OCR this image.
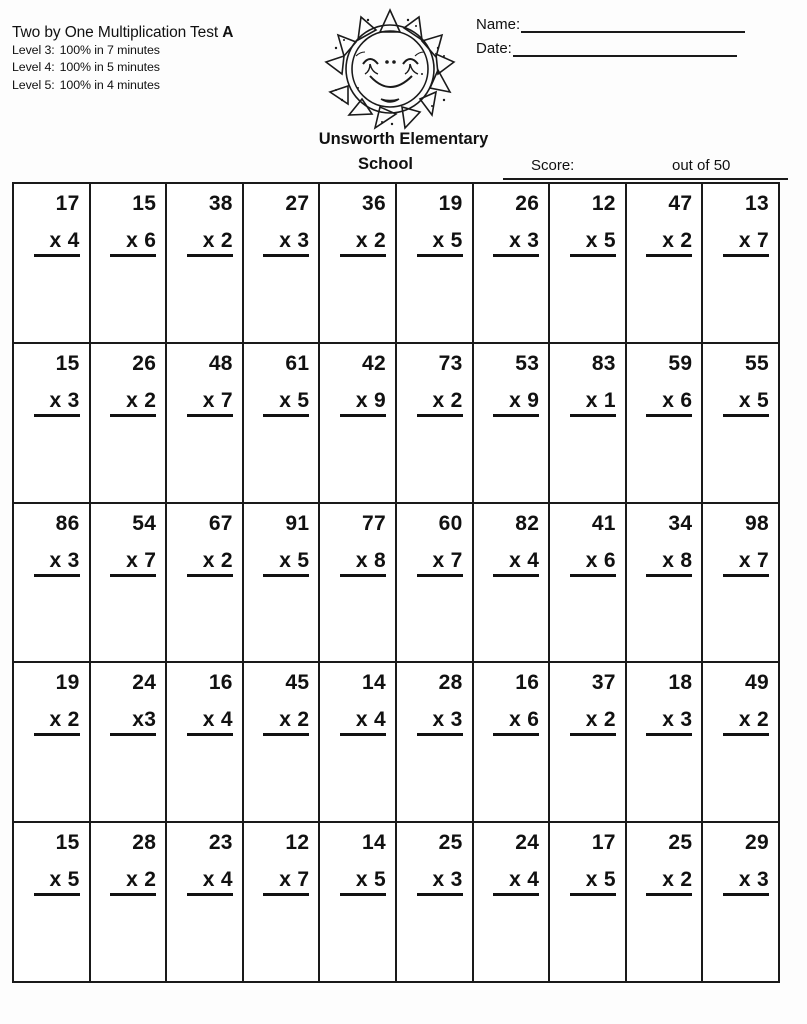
Two by One Multiplication Test A
Level 3: 100% in 7 minutes
Level 4: 100% in 5 minutes
Level 5: 100% in 4 minutes
Name:
Date:
Unsworth Elementary
School	Score:	out of 50
17
x 4
15
x 6
38
x 2
27
x 3
36
x 2
19
x 5
26
x 3
12
x 5
47
x 2
13
x 7
15
x 3
26
x 2
48
x 7
61
x 5
42
x 9
73
x 2
53
x 9
83
x 1
59
x 6
55
x 5
86
x 3
54
x 7
67
x 2
91
x 5
77
x 8
60
x 7
82
x 4
41
x 6
34
x 8
98
x 7
19
x 2
24
x3
16
x 4
45
x 2
14
x 4
28
x 3
16
x 6
37
x 2
18
x 3
49
x 2
15
x 5
28
x 2
23
x 4
12
x 7
14
x 5
25
x 3
24
x 4
17
x 5
25
x 2
29
x 3
